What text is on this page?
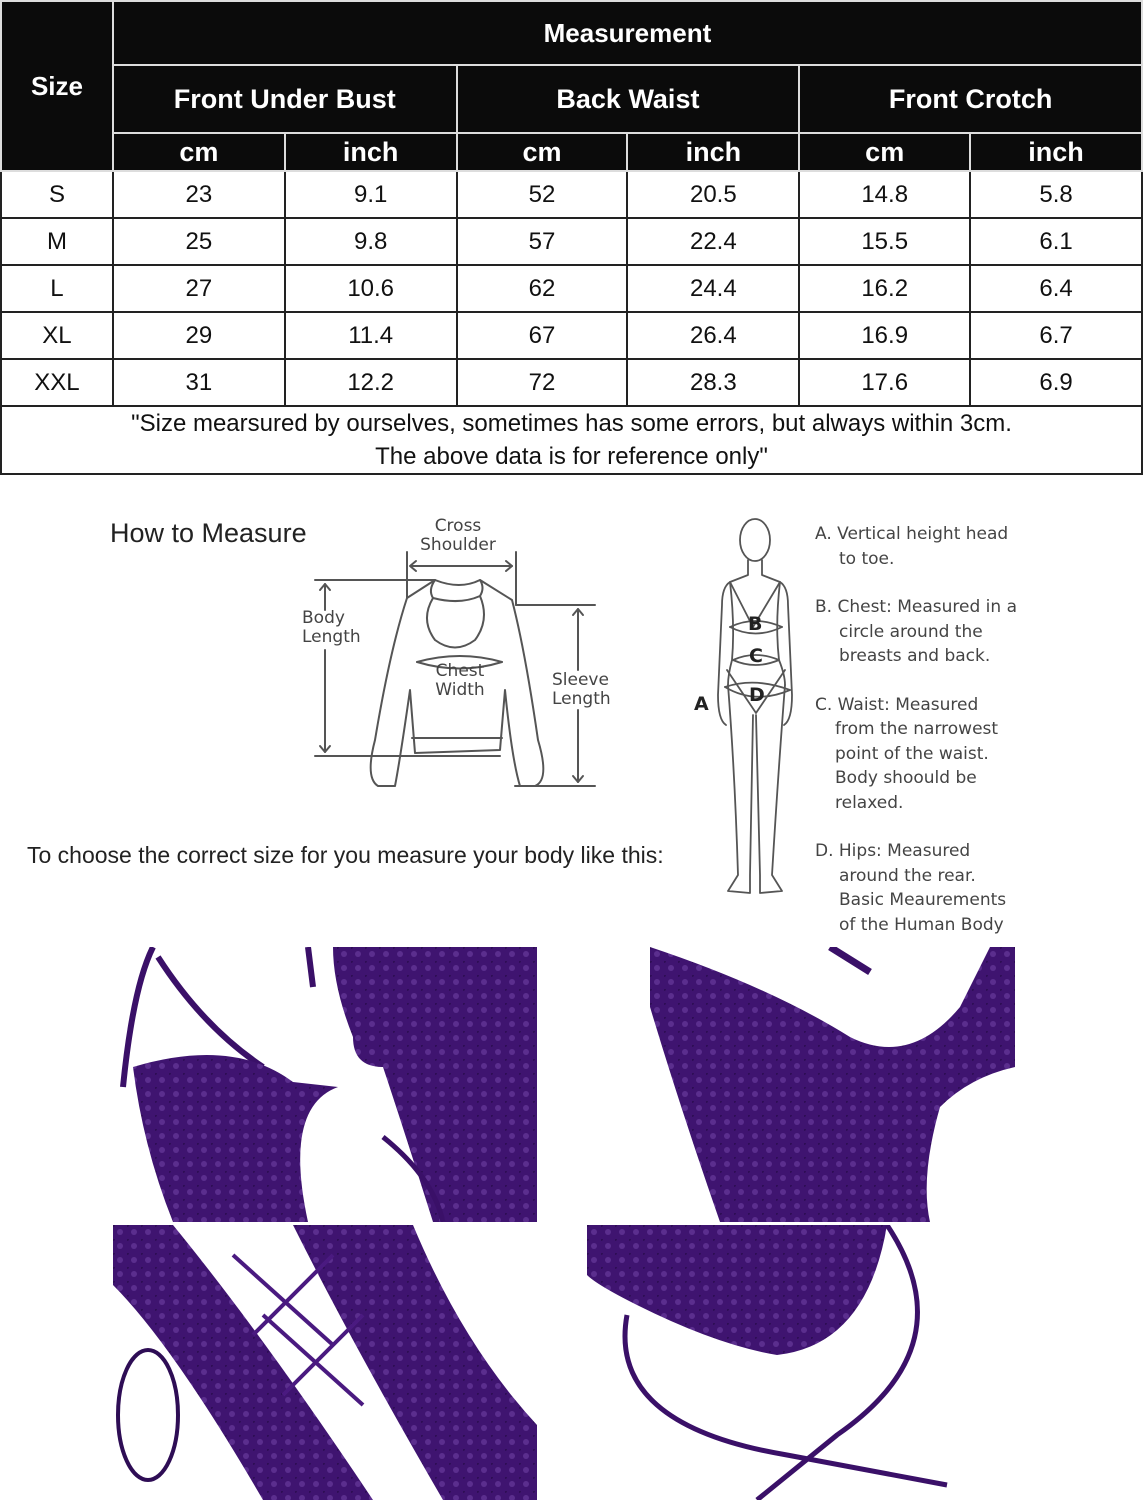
Size	Measurement					
	Front Under Bust		Back Waist		Front Crotch	
	cm	inch	cm	inch	cm	inch
S	23	9.1	52	20.5	14.8	5.8
M	25	9.8	57	22.4	15.5	6.1
L	27	10.6	62	24.4	16.2	6.4
XL	29	11.4	67	26.4	16.9	6.7
XXL	31	12.2	72	28.3	17.6	6.9
"Size mearsured by ourselves, sometimes has some errors, but always within 3cm.
The above data is for reference only"						
How to Measure
To choose the correct size for you measure your body like this:
Cross
Shoulder
Body
Length
Chest
Width	Sleeve
Length
B
C
D
A

A. Vertical height head
to toe.

B. Chest: Measured in a
circle around the
breasts and back.

C. Waist: Measured
from the narrowest
point of the waist.
Body shoould be
relaxed.

D. Hips: Measured
around the rear.
Basic Meaurements
of the Human Body
